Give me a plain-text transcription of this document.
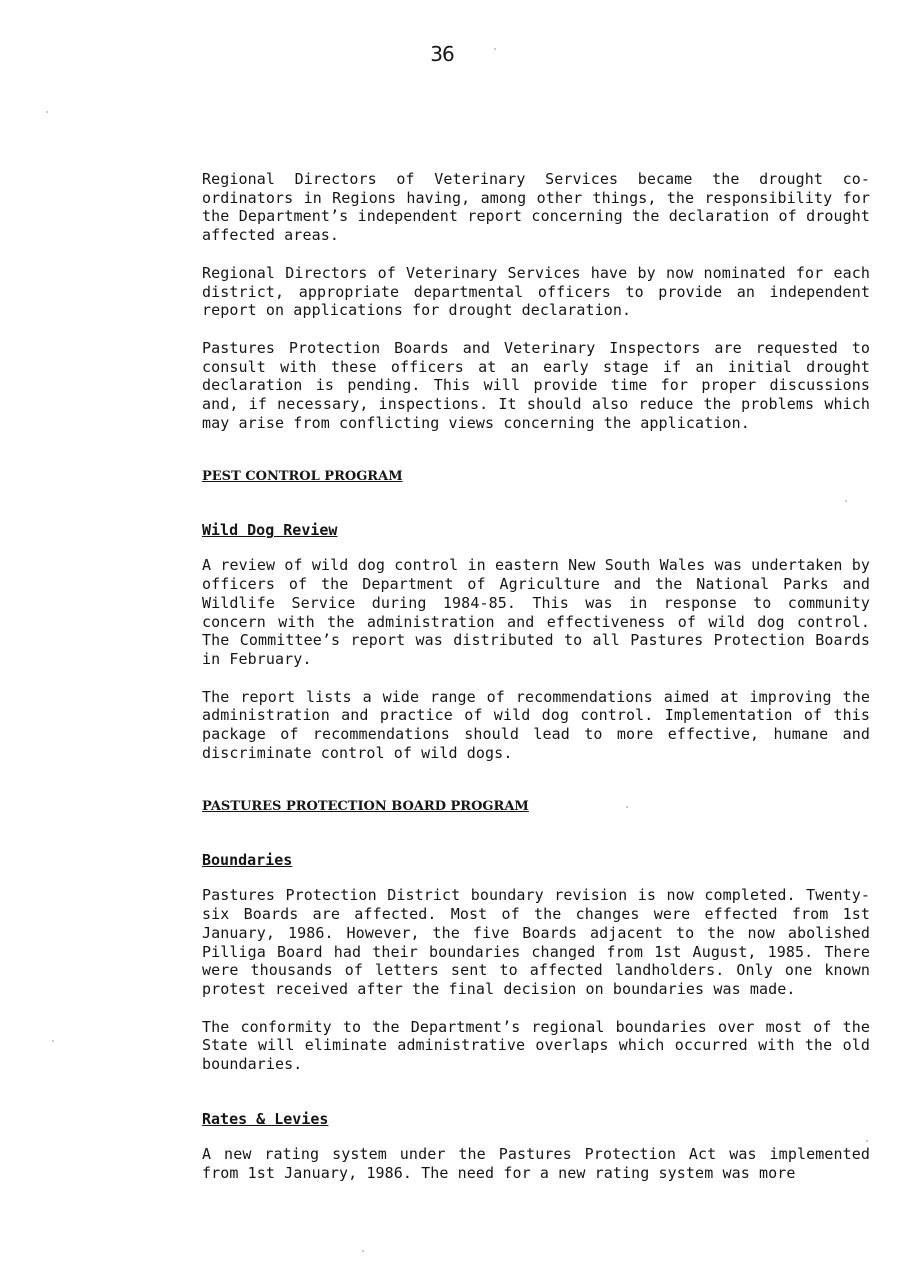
36

Regional Directors of Veterinary Services became the drought co-ordinators in Regions having, among other things, the responsibility for the Department’s independent report concerning the declaration of drought affected areas.

Regional Directors of Veterinary Services have by now nominated for each district, appropriate departmental officers to provide an independent report on applications for drought declaration.

Pastures Protection Boards and Veterinary Inspectors are requested to consult with these officers at an early stage if an initial drought declaration is pending. This will provide time for proper discussions and, if necessary, inspections. It should also reduce the problems which may arise from conflicting views concerning the application.

PEST CONTROL PROGRAM
Wild Dog Review

A review of wild dog control in eastern New South Wales was undertaken by officers of the Department of Agriculture and the National Parks and Wildlife Service during 1984-85. This was in response to community concern with the administration and effectiveness of wild dog control. The Committee’s report was distributed to all Pastures Protection Boards in February.

The report lists a wide range of recommendations aimed at improving the administration and practice of wild dog control. Implementation of this package of recommendations should lead to more effective, humane and discriminate control of wild dogs.

PASTURES PROTECTION BOARD PROGRAM
Boundaries

Pastures Protection District boundary revision is now completed. Twenty-six Boards are affected. Most of the changes were effected from 1st January, 1986. However, the five Boards adjacent to the now abolished Pilliga Board had their boundaries changed from 1st August, 1985. There were thousands of letters sent to affected landholders. Only one known protest received after the final decision on boundaries was made.

The conformity to the Department’s regional boundaries over most of the State will eliminate administrative overlaps which occurred with the old boundaries.

Rates & Levies

A new rating system under the Pastures Protection Act was implemented from 1st January, 1986. The need for a new rating system was more
